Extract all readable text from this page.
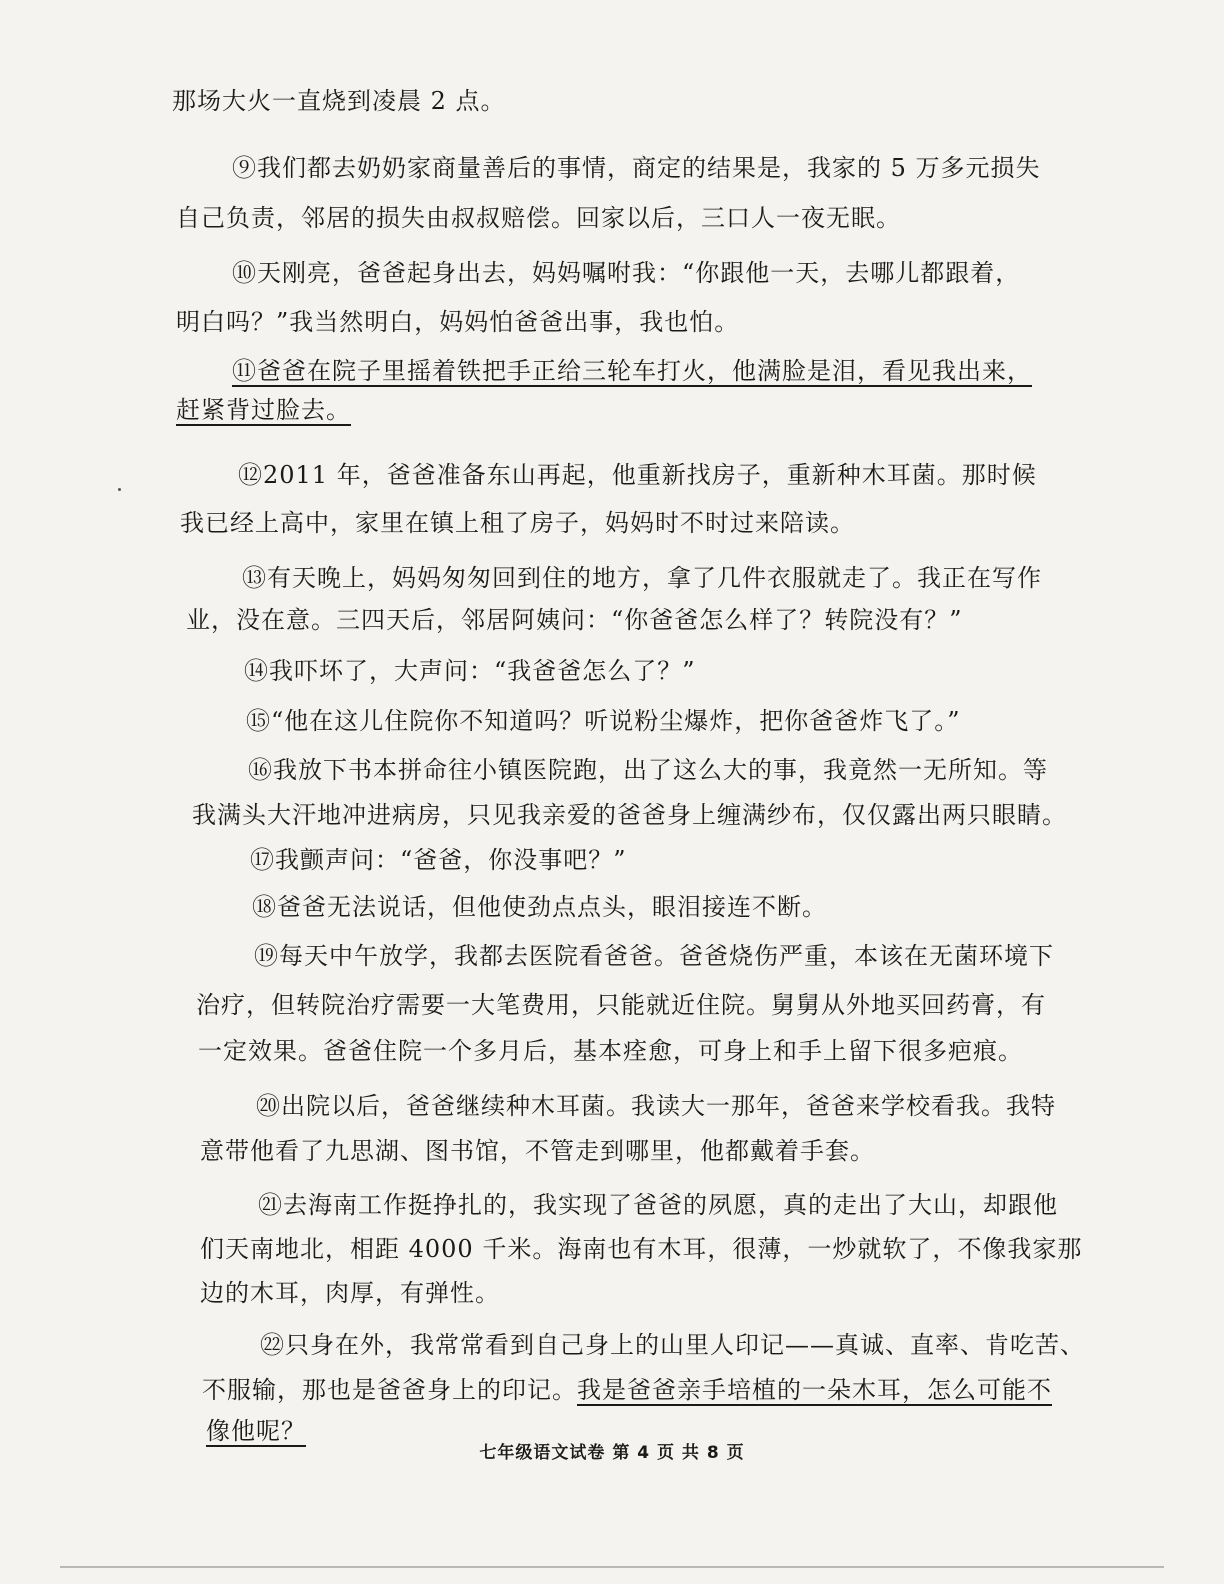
那场大火一直烧到凌晨 2 点。
⑨我们都去奶奶家商量善后的事情，商定的结果是，我家的 5 万多元损失
自己负责，邻居的损失由叔叔赔偿。回家以后，三口人一夜无眠。
⑩天刚亮，爸爸起身出去，妈妈嘱咐我：“你跟他一天，去哪儿都跟着，
明白吗？”我当然明白，妈妈怕爸爸出事，我也怕。
⑪爸爸在院子里摇着铁把手正给三轮车打火，他满脸是泪，看见我出来，
赶紧背过脸去。
⑫2011 年，爸爸准备东山再起，他重新找房子，重新种木耳菌。那时候
我已经上高中，家里在镇上租了房子，妈妈时不时过来陪读。
⑬有天晚上，妈妈匆匆回到住的地方，拿了几件衣服就走了。我正在写作
业，没在意。三四天后，邻居阿姨问：“你爸爸怎么样了？转院没有？”
⑭我吓坏了，大声问：“我爸爸怎么了？”
⑮“他在这儿住院你不知道吗？听说粉尘爆炸，把你爸爸炸飞了。”
⑯我放下书本拼命往小镇医院跑，出了这么大的事，我竟然一无所知。等
我满头大汗地冲进病房，只见我亲爱的爸爸身上缠满纱布，仅仅露出两只眼睛。
⑰我颤声问：“爸爸，你没事吧？”
⑱爸爸无法说话，但他使劲点点头，眼泪接连不断。
⑲每天中午放学，我都去医院看爸爸。爸爸烧伤严重，本该在无菌环境下
治疗，但转院治疗需要一大笔费用，只能就近住院。舅舅从外地买回药膏，有
一定效果。爸爸住院一个多月后，基本痊愈，可身上和手上留下很多疤痕。
⑳出院以后，爸爸继续种木耳菌。我读大一那年，爸爸来学校看我。我特
意带他看了九思湖、图书馆，不管走到哪里，他都戴着手套。
㉑去海南工作挺挣扎的，我实现了爸爸的夙愿，真的走出了大山，却跟他
们天南地北，相距 4000 千米。海南也有木耳，很薄，一炒就软了，不像我家那
边的木耳，肉厚，有弹性。
㉒只身在外，我常常看到自己身上的山里人印记——真诚、直率、肯吃苦、
不服输，那也是爸爸身上的印记。我是爸爸亲手培植的一朵木耳，怎么可能不
像他呢？
七年级语文试卷 第 4 页 共 8 页
